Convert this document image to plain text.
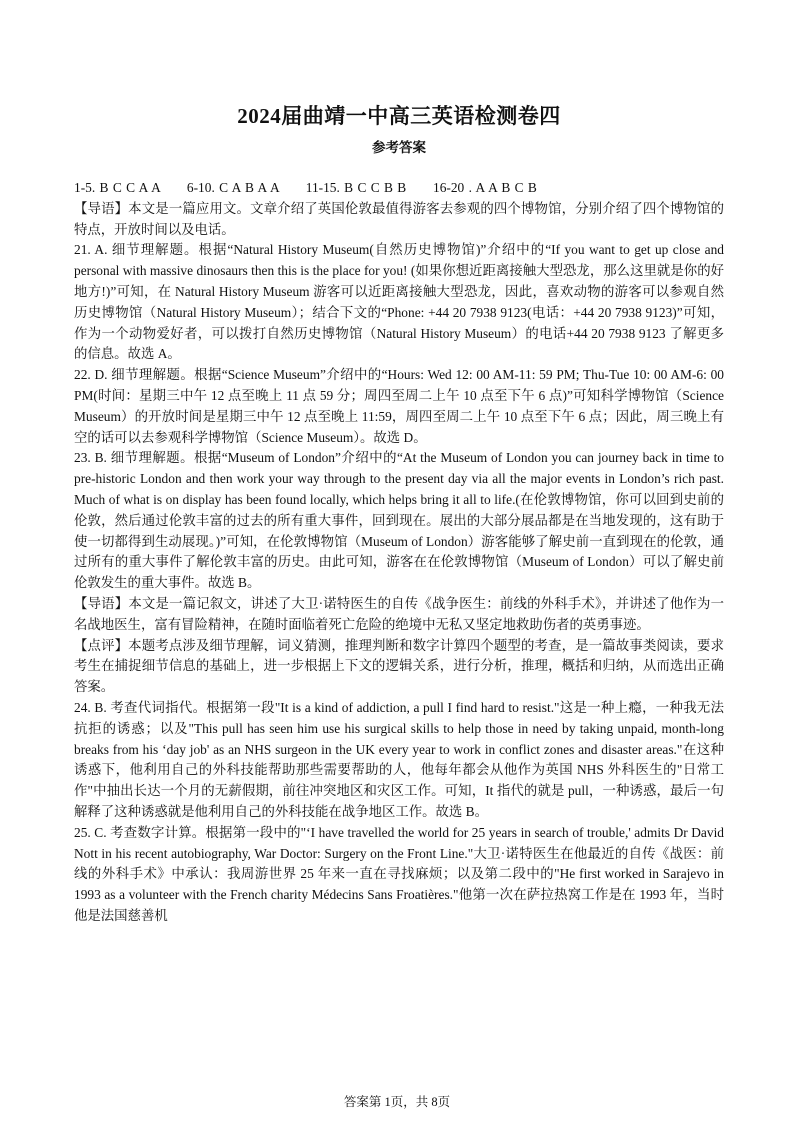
2024届曲靖一中高三英语检测卷四
参考答案

1-5. B C C A A　　6-10. C A B A A　　11-15. B C C B B　　16-20 . A A B C B

【导语】本文是一篇应用文。文章介绍了英国伦敦最值得游客去参观的四个博物馆，分别介绍了四个博物馆的特点，开放时间以及电话。

21. A. 细节理解题。根据“Natural History Museum(自然历史博物馆)”介绍中的“If you want to get up close and personal with massive dinosaurs then this is the place for you! (如果你想近距离接触大型恐龙，那么这里就是你的好地方!)”可知，在 Natural History Museum 游客可以近距离接触大型恐龙，因此，喜欢动物的游客可以参观自然历史博物馆（Natural History Museum）；结合下文的“Phone: +44 20 7938 9123(电话：+44 20 7938 9123)”可知，作为一个动物爱好者，可以拨打自然历史博物馆（Natural History Museum）的电话+44 20 7938 9123 了解更多的信息。故选 A。

22. D. 细节理解题。根据“Science Museum”介绍中的“Hours: Wed 12: 00 AM-11: 59 PM; Thu-Tue 10: 00 AM-6: 00 PM(时间：星期三中午 12 点至晚上 11 点 59 分；周四至周二上午 10 点至下午 6 点)”可知科学博物馆（Science Museum）的开放时间是星期三中午 12 点至晚上 11:59，周四至周二上午 10 点至下午 6 点；因此，周三晚上有空的话可以去参观科学博物馆（Science Museum）。故选 D。

23. B. 细节理解题。根据“Museum of London”介绍中的“At the Museum of London you can journey back in time to pre-historic London and then work your way through to the present day via all the major events in London’s rich past. Much of what is on display has been found locally, which helps bring it all to life.(在伦敦博物馆，你可以回到史前的伦敦，然后通过伦敦丰富的过去的所有重大事件，回到现在。展出的大部分展品都是在当地发现的，这有助于使一切都得到生动展现。)”可知，在伦敦博物馆（Museum of London）游客能够了解史前一直到现在的伦敦，通过所有的重大事件了解伦敦丰富的历史。由此可知，游客在在伦敦博物馆（Museum of London）可以了解史前伦敦发生的重大事件。故选 B。

【导语】本文是一篇记叙文，讲述了大卫·诺特医生的自传《战争医生：前线的外科手术》，并讲述了他作为一名战地医生，富有冒险精神，在随时面临着死亡危险的绝境中无私又坚定地救助伤者的英勇事迹。

【点评】本题考点涉及细节理解，词义猜测，推理判断和数字计算四个题型的考查，是一篇故事类阅读，要求考生在捕捉细节信息的基础上，进一步根据上下文的逻辑关系，进行分析，推理，概括和归纳，从而选出正确答案。

24. B. 考查代词指代。根据第一段"It is a kind of addiction, a pull I find hard to resist."这是一种上瘾，一种我无法抗拒的诱惑；以及"This pull has seen him use his surgical skills to help those in need by taking unpaid, month-long breaks from his ‘day job' as an NHS surgeon in the UK every year to work in conflict zones and disaster areas."在这种诱惑下，他利用自己的外科技能帮助那些需要帮助的人，他每年都会从他作为英国 NHS 外科医生的"日常工作"中抽出长达一个月的无薪假期，前往冲突地区和灾区工作。可知，It 指代的就是 pull，一种诱惑，最后一句解释了这种诱惑就是他利用自己的外科技能在战争地区工作。故选 B。

25. C. 考查数字计算。根据第一段中的"‘I have travelled the world for 25 years in search of trouble,' admits Dr David Nott in his recent autobiography, War Doctor: Surgery on the Front Line."大卫·诺特医生在他最近的自传《战医：前线的外科手术》中承认：我周游世界 25 年来一直在寻找麻烦；以及第二段中的"He first worked in Sarajevo in 1993 as a volunteer with the French charity Médecins Sans Froatières."他第一次在萨拉热窝工作是在 1993 年，当时他是法国慈善机

答案第 1页，共 8页
